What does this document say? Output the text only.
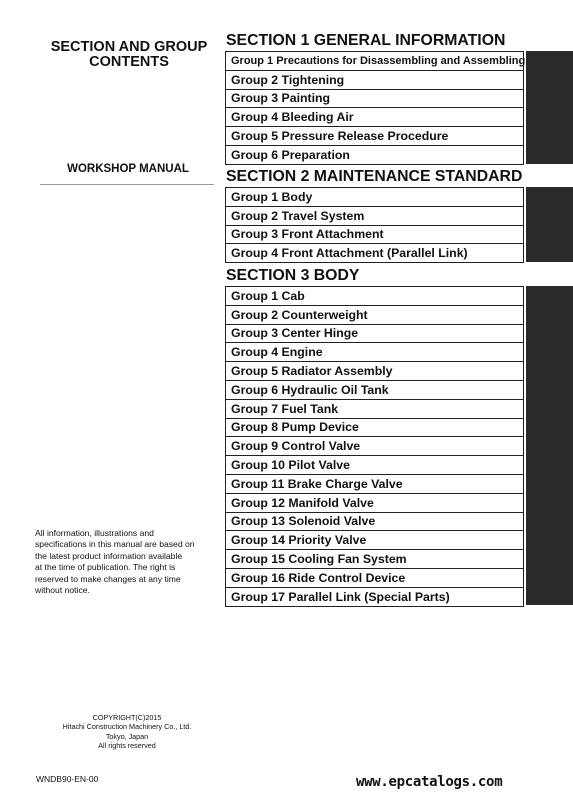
SECTION AND GROUP
CONTENTS
WORKSHOP MANUAL
All information, illustrations and
specifications in this manual are based on
the latest product information available
at the time of publication. The right is
reserved to make changes at any time
without notice.
COPYRIGHT(C)2015
Hitachi Construction Machinery Co., Ltd.
Tokyo, Japan
All rights reserved
WNDB90-EN-00	www.epcatalogs.com
SECTION 1 GENERAL INFORMATION
Group 1 Precautions for Disassembling and Assembling
Group 2 Tightening
Group 3 Painting
Group 4 Bleeding Air
Group 5 Pressure Release Procedure
Group 6 Preparation
SECTION 2 MAINTENANCE STANDARD
Group 1 Body
Group 2 Travel System
Group 3 Front Attachment
Group 4 Front Attachment (Parallel Link)
SECTION 3 BODY
Group 1 Cab
Group 2 Counterweight
Group 3 Center Hinge
Group 4 Engine
Group 5 Radiator Assembly
Group 6 Hydraulic Oil Tank
Group 7 Fuel Tank
Group 8 Pump Device
Group 9 Control Valve
Group 10 Pilot Valve
Group 11 Brake Charge Valve
Group 12 Manifold Valve
Group 13 Solenoid Valve
Group 14 Priority Valve
Group 15 Cooling Fan System
Group 16 Ride Control Device
Group 17 Parallel Link (Special Parts)
